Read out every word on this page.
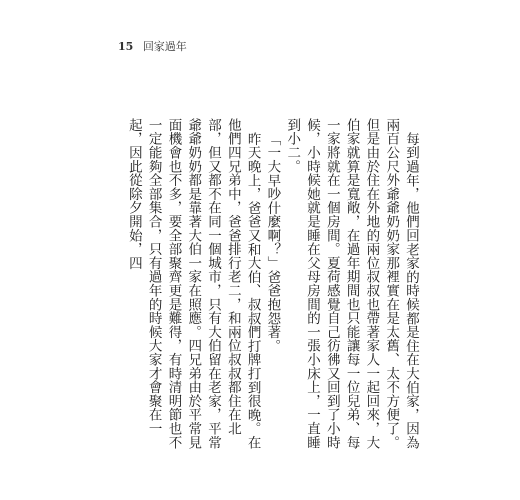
15 回家過年

每到過年，他們回老家的時候都是住在大伯家，因為兩百公尺外爺爺奶奶家那裡實在是太舊、太不方便了。但是由於住在外地的兩位叔叔也帶著家人一起回來，大伯家就算是寬敞，在過年期間也只能讓每一位兒弟、每一家將就在一個房間。夏荷感覺自己彷彿又回到了小時候，小時候她就是睡在父母房間的一張小床上，一直睡到小二。

「一大早吵什麼啊？」爸爸抱怨著。

昨天晚上，爸爸又和大伯、叔叔們打牌打到很晚。在他們四兄弟中，爸爸排行老二，和兩位叔叔都住在北部，但又都不在同一個城市，只有大伯留在老家，平常爺爺奶奶都是靠著大伯一家在照應。四兄弟由於平常見面機會也不多，要全部聚齊更是難得，有時清明節也不一定能夠全部集合，只有過年的時候大家才會聚在一起，因此從除夕開始，四
